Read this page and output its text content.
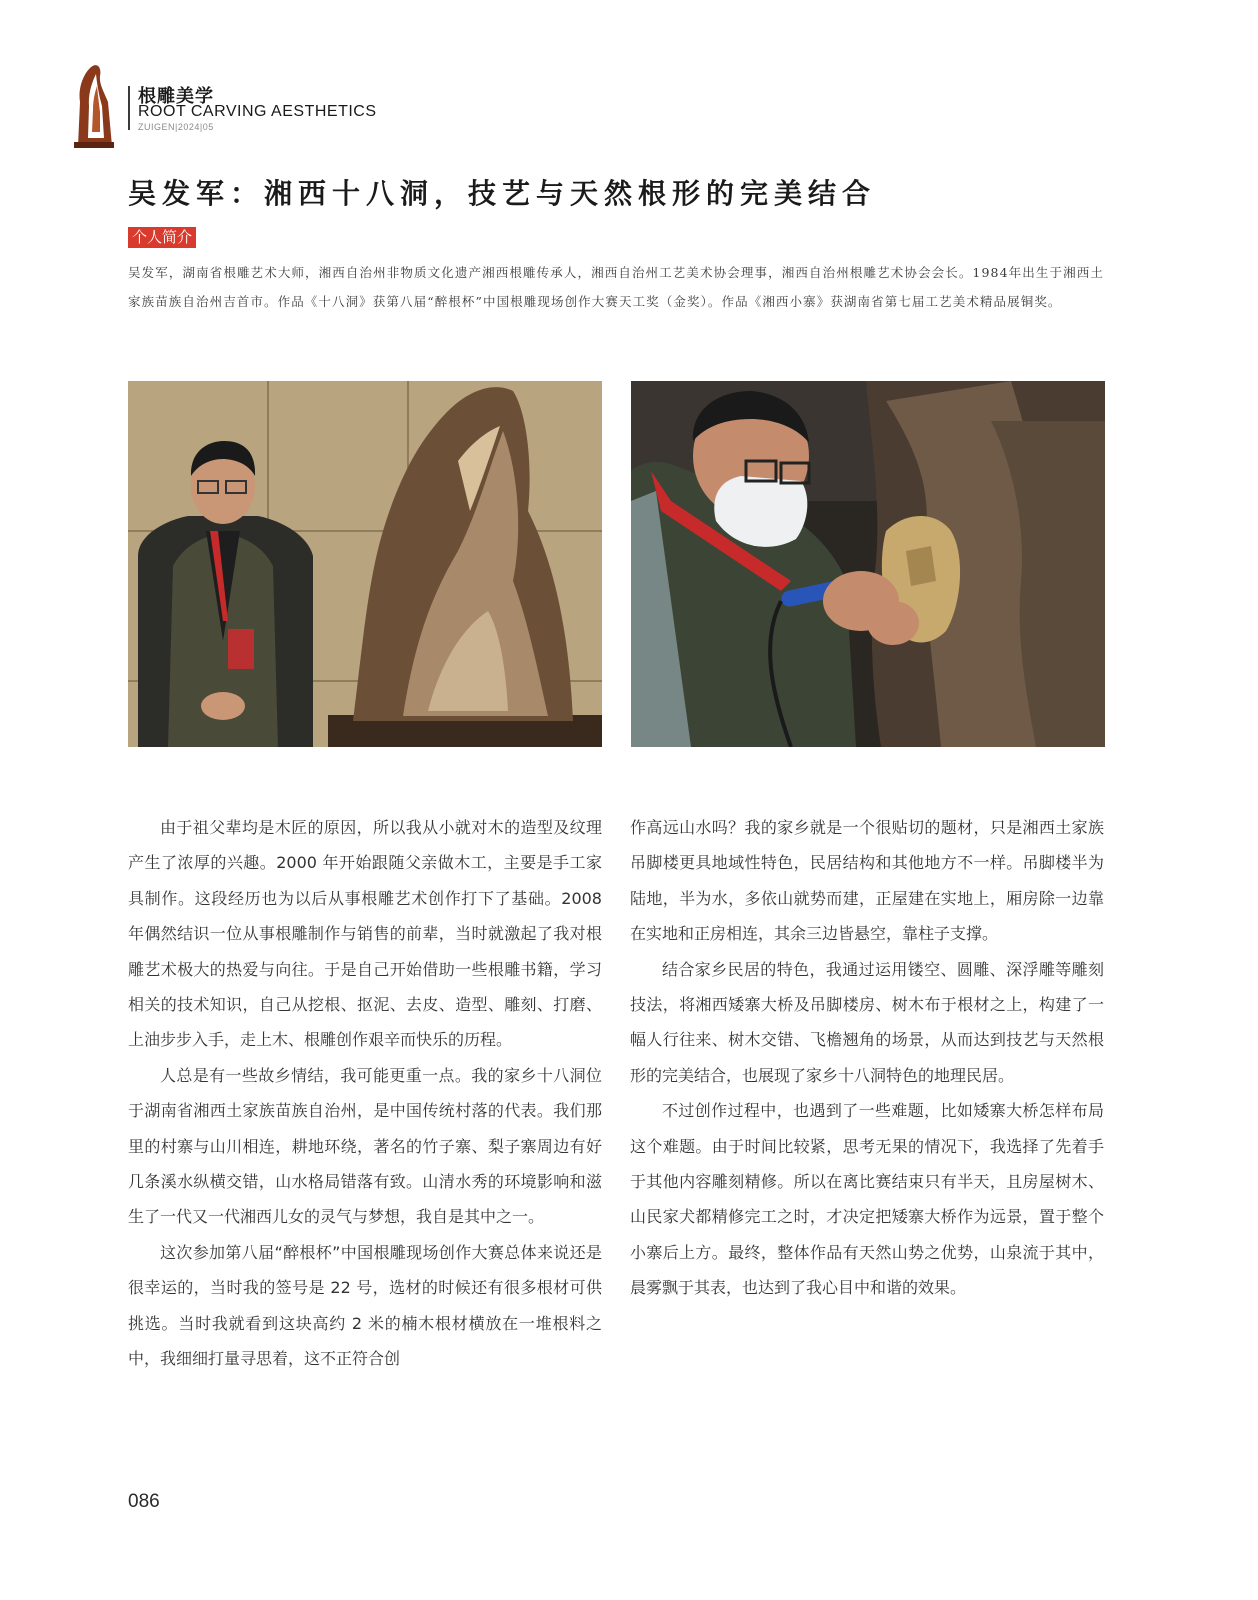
根雕美学
ROOT CARVING AESTHETICS
ZUIGEN|2024|05
吴发军：湘西十八洞，技艺与天然根形的完美结合
个人简介
吴发军，湖南省根雕艺术大师，湘西自治州非物质文化遗产湘西根雕传承人，湘西自治州工艺美术协会理事，湘西自治州根雕艺术协会会长。1984年出生于湘西土家族苗族自治州吉首市。作品《十八洞》获第八届“醉根杯”中国根雕现场创作大赛天工奖（金奖）。作品《湘西小寨》获湖南省第七届工艺美术精品展铜奖。

由于祖父辈均是木匠的原因，所以我从小就对木的造型及纹理产生了浓厚的兴趣。2000 年开始跟随父亲做木工，主要是手工家具制作。这段经历也为以后从事根雕艺术创作打下了基础。2008 年偶然结识一位从事根雕制作与销售的前辈，当时就激起了我对根雕艺术极大的热爱与向往。于是自己开始借助一些根雕书籍，学习相关的技术知识，自己从挖根、抠泥、去皮、造型、雕刻、打磨、上油步步入手，走上木、根雕创作艰辛而快乐的历程。

人总是有一些故乡情结，我可能更重一点。我的家乡十八洞位于湖南省湘西土家族苗族自治州，是中国传统村落的代表。我们那里的村寨与山川相连，耕地环绕，著名的竹子寨、梨子寨周边有好几条溪水纵横交错，山水格局错落有致。山清水秀的环境影响和滋生了一代又一代湘西儿女的灵气与梦想，我自是其中之一。

这次参加第八届“醉根杯”中国根雕现场创作大赛总体来说还是很幸运的，当时我的签号是 22 号，选材的时候还有很多根材可供挑选。当时我就看到这块高约 2 米的楠木根材横放在一堆根料之中，我细细打量寻思着，这不正符合创

作高远山水吗？我的家乡就是一个很贴切的题材，只是湘西土家族吊脚楼更具地域性特色，民居结构和其他地方不一样。吊脚楼半为陆地，半为水，多依山就势而建，正屋建在实地上，厢房除一边靠在实地和正房相连，其余三边皆悬空，靠柱子支撑。

结合家乡民居的特色，我通过运用镂空、圆雕、深浮雕等雕刻技法，将湘西矮寨大桥及吊脚楼房、树木布于根材之上，构建了一幅人行往来、树木交错、飞檐翘角的场景，从而达到技艺与天然根形的完美结合，也展现了家乡十八洞特色的地理民居。

不过创作过程中，也遇到了一些难题，比如矮寨大桥怎样布局这个难题。由于时间比较紧，思考无果的情况下，我选择了先着手于其他内容雕刻精修。所以在离比赛结束只有半天，且房屋树木、山民家犬都精修完工之时，才决定把矮寨大桥作为远景，置于整个小寨后上方。最终，整体作品有天然山势之优势，山泉流于其中，晨雾飘于其表，也达到了我心目中和谐的效果。

086
